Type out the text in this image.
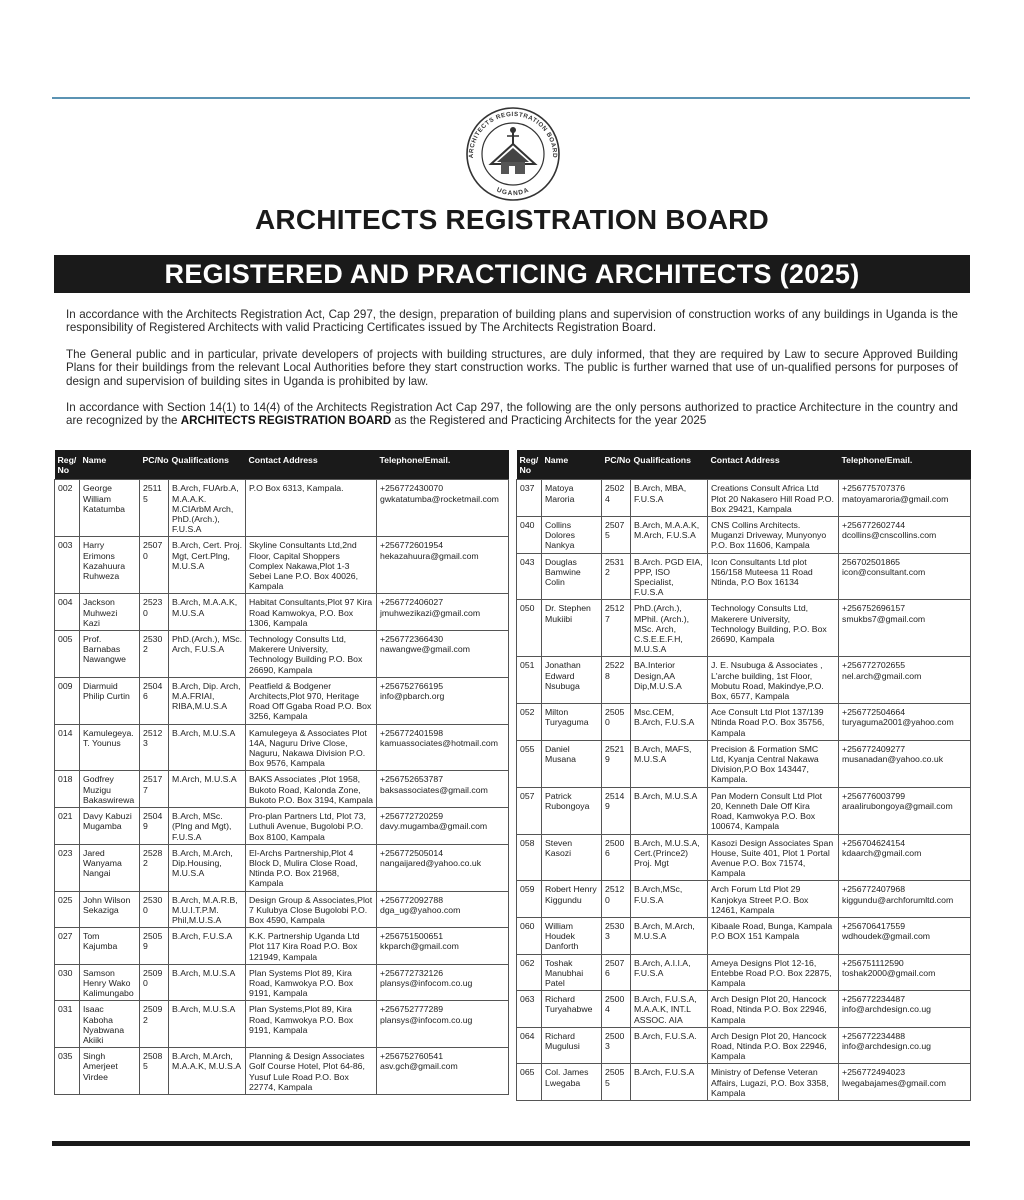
ARCHITECTS REGISTRATION BOARD
UGANDA
ARCHITECTS REGISTRATION BOARD
REGISTERED AND PRACTICING ARCHITECTS (2025)

In accordance with the Architects Registration Act, Cap 297, the design, preparation of building plans and supervision of construction works of any buildings in Uganda is the responsibility of Registered Architects with valid Practicing Certificates issued by The Architects Registration Board.

The General public and in particular, private developers of projects with building structures, are duly informed, that they are required by Law to secure Approved Building Plans for their buildings from the relevant Local Authorities before they start construction works. The public is further warned that use of un-qualified persons for purposes of design and supervision of building sites in Uganda is prohibited by law.

In accordance with Section 14(1) to 14(4) of the Architects Registration Act Cap 297, the following are the only persons authorized to practice Architecture in the country and are recognized by the ARCHITECTS REGISTRATION BOARD as the Registered and Practicing Architects for the year 2025

Reg/
No	Name	PC/No	Qualifications	Contact Address	Telephone/Email.
002	George William Katatumba	25115	B.Arch, FUArb.A, M.A.A.K. M.CIArbM Arch, PhD.(Arch.), F.U.S.A	P.O Box 6313, Kampala.	+256772430070
gwkatatumba@rocketmail.com

003	Harry Erimons Kazahuura Ruhweza	25070	B.Arch, Cert. Proj. Mgt, Cert.Plng, M.U.S.A	Skyline Consultants Ltd,2nd Floor, Capital Shoppers Complex Nakawa,Plot 1-3 Sebei Lane P.O. Box 40026, Kampala	+256772601954
hekazahuura@gmail.com

004	Jackson Muhwezi Kazi	25230	B.Arch, M.A.A.K, M.U.S.A	Habitat Consultants,Plot 97 Kira Road Kamwokya, P.O. Box 1306, Kampala	+256772406027
jmuhwezikazi@gmail.com

005	Prof. Barnabas Nawangwe	25302	PhD.(Arch.), MSc. Arch, F.U.S.A	Technology Consults Ltd, Makerere University, Technology Building P.O. Box 26690, Kampala	+256772366430
nawangwe@gmail.com

009	Diarmuid Philip Curtin	25046	B.Arch, Dip. Arch, M.A.FRIAI, RIBA,M.U.S.A	Peatfield & Bodgener Architects,Plot 970, Heritage Road Off Ggaba Road P.O. Box 3256, Kampala	+256752766195
info@pbarch.org

014	Kamulegeya.T. Younus	25123	B.Arch, M.U.S.A	Kamulegeya & Associates Plot 14A, Naguru Drive Close, Naguru, Nakawa Division P.O. Box 9576, Kampala	+256772401598
kamuassociates@hotmail.com

018	Godfrey Muzigu Bakaswirewa	25177	M.Arch, M.U.S.A	BAKS Associates ,Plot 1958, Bukoto Road, Kalonda Zone, Bukoto P.O. Box 3194, Kampala	+256752653787
baksassociates@gmail.com

021	Davy Kabuzi Mugamba	25049	B.Arch, MSc.(Plng and Mgt), F.U.S.A	Pro-plan Partners Ltd, Plot 73, Luthuli Avenue, Bugolobi P.O. Box 8100, Kampala	+256772720259
davy.mugamba@gmail.com

023	Jared Wanyama Nangai	25282	B.Arch, M.Arch, Dip.Housing, M.U.S.A	El-Archs Partnership,Plot 4 Block D, Mulira Close Road, Ntinda P.O. Box 21968, Kampala	+256772505014
nangaijared@yahoo.co.uk

025	John Wilson Sekaziga	25300	B.Arch, M.A.R.B, M.U.I.T.P.M. Phil,M.U.S.A	Design Group & Associates,Plot 7 Kulubya Close Bugolobi P.O. Box 4590, Kampala	+256772092788
dga_ug@yahoo.com

027	Tom Kajumba	25059	B.Arch, F.U.S.A	K.K. Partnership Uganda Ltd Plot 117 Kira Road P.O. Box 121949, Kampala	+256751500651
kkparch@gmail.com

030	Samson Henry Wako Kalimungabo	25090	B.Arch, M.U.S.A	Plan Systems Plot 89, Kira Road, Kamwokya P.O. Box 9191, Kampala	+256772732126
plansys@infocom.co.ug

031	Isaac Kaboha Nyabwana Akiiki	25092	B.Arch, M.U.S.A	Plan Systems,Plot 89, Kira Road, Kamwokya P.O. Box 9191, Kampala	+256752777289
plansys@infocom.co.ug

035	Singh Amerjeet Virdee	25085	B.Arch, M.Arch, M.A.A.K, M.U.S.A	Planning & Design Associates Golf Course Hotel, Plot 64-86, Yusuf Lule Road P.O. Box 22774, Kampala	+256752760541
asv.gch@gmail.com
Reg/
No	Name	PC/No	Qualifications	Contact Address	Telephone/Email.
037	Matoya Maroria	25024	B.Arch, MBA, F.U.S.A	Creations Consult Africa Ltd Plot 20 Nakasero Hill Road P.O. Box 29421, Kampala	+256775707376
matoyamaroria@gmail.com

040	Collins Dolores Nankya	25075	B.Arch, M.A.A.K, M.Arch, F.U.S.A	CNS Collins Architects. Muganzi Driveway, Munyonyo P.O. Box 11606, Kampala	+256772602744
dcollins@cnscollins.com

043	Douglas Bamwine Colin	25312	B.Arch. PGD EIA, PPP, ISO Specialist, F.U.S.A	Icon Consultants Ltd plot 156/158 Muteesa 11 Road Ntinda, P.O Box 16134	256702501865
icon@consultant.com

050	Dr. Stephen Mukiibi	25127	PhD.(Arch.), MPhil. (Arch.), MSc. Arch, C.S.E.E.F.H, M.U.S.A	Technology Consults Ltd, Makerere University, Technology Building, P.O. Box 26690, Kampala	+256752696157
smukbs7@gmail.com

051	Jonathan Edward Nsubuga	25228	BA.Interior Design,AA Dip,M.U.S.A	J. E. Nsubuga & Associates , L'arche building, 1st Floor, Mobutu Road, Makindye,P.O. Box, 6577, Kampala	+256772702655
nel.arch@gmail.com

052	Milton Turyaguma	25050	Msc.CEM, B.Arch, F.U.S.A	Ace Consult Ltd Plot 137/139 Ntinda Road P.O. Box 35756, Kampala	+256772504664
turyaguma2001@yahoo.com

055	Daniel Musana	25219	B.Arch, MAFS, M.U.S.A	Precision & Formation SMC Ltd, Kyanja Central Nakawa Division,P.O Box 143447, Kampala.	+256772409277
musanadan@yahoo.co.uk

057	Patrick Rubongoya	25149	B.Arch, M.U.S.A	Pan Modern Consult Ltd Plot 20, Kenneth Dale Off Kira Road, Kamwokya P.O. Box 100674, Kampala	+256776003799
araalirubongoya@gmail.com

058	Steven Kasozi	25006	B.Arch, M.U.S.A, Cert.(Prince2) Proj. Mgt	Kasozi Design Associates Span House, Suite 401, Plot 1 Portal Avenue P.O. Box 71574, Kampala	+256704624154
kdaarch@gmail.com

059	Robert Henry Kiggundu	25120	B.Arch,MSc, F.U.S.A	Arch Forum Ltd Plot 29 Kanjokya Street P.O. Box 12461, Kampala	+256772407968
kiggundu@archforumltd.com

060	William Houdek Danforth	25303	B.Arch, M.Arch, M.U.S.A	Kibaale Road, Bunga, Kampala P.O BOX 151 Kampala	+256706417559
wdhoudek@gmail.com

062	Toshak Manubhai Patel	25076	B.Arch, A.I.I.A, F.U.S.A	Ameya Designs Plot 12-16, Entebbe Road P.O. Box 22875, Kampala	+256751112590
toshak2000@gmail.com

063	Richard Turyahabwe	25004	B.Arch, F.U.S.A, M.A.A.K, INT.L ASSOC. AIA	Arch Design Plot 20, Hancock Road, Ntinda P.O. Box 22946, Kampala	+256772234487
info@archdesign.co.ug

064	Richard Mugulusi	25003	B.Arch, F.U.S.A.	Arch Design Plot 20, Hancock Road, Ntinda P.O. Box 22946, Kampala	+256772234488
info@archdesign.co.ug

065	Col. James Lwegaba	25055	B.Arch, F.U.S.A	Ministry of Defense Veteran Affairs, Lugazi, P.O. Box 3358, Kampala	+256772494023
lwegabajames@gmail.com
